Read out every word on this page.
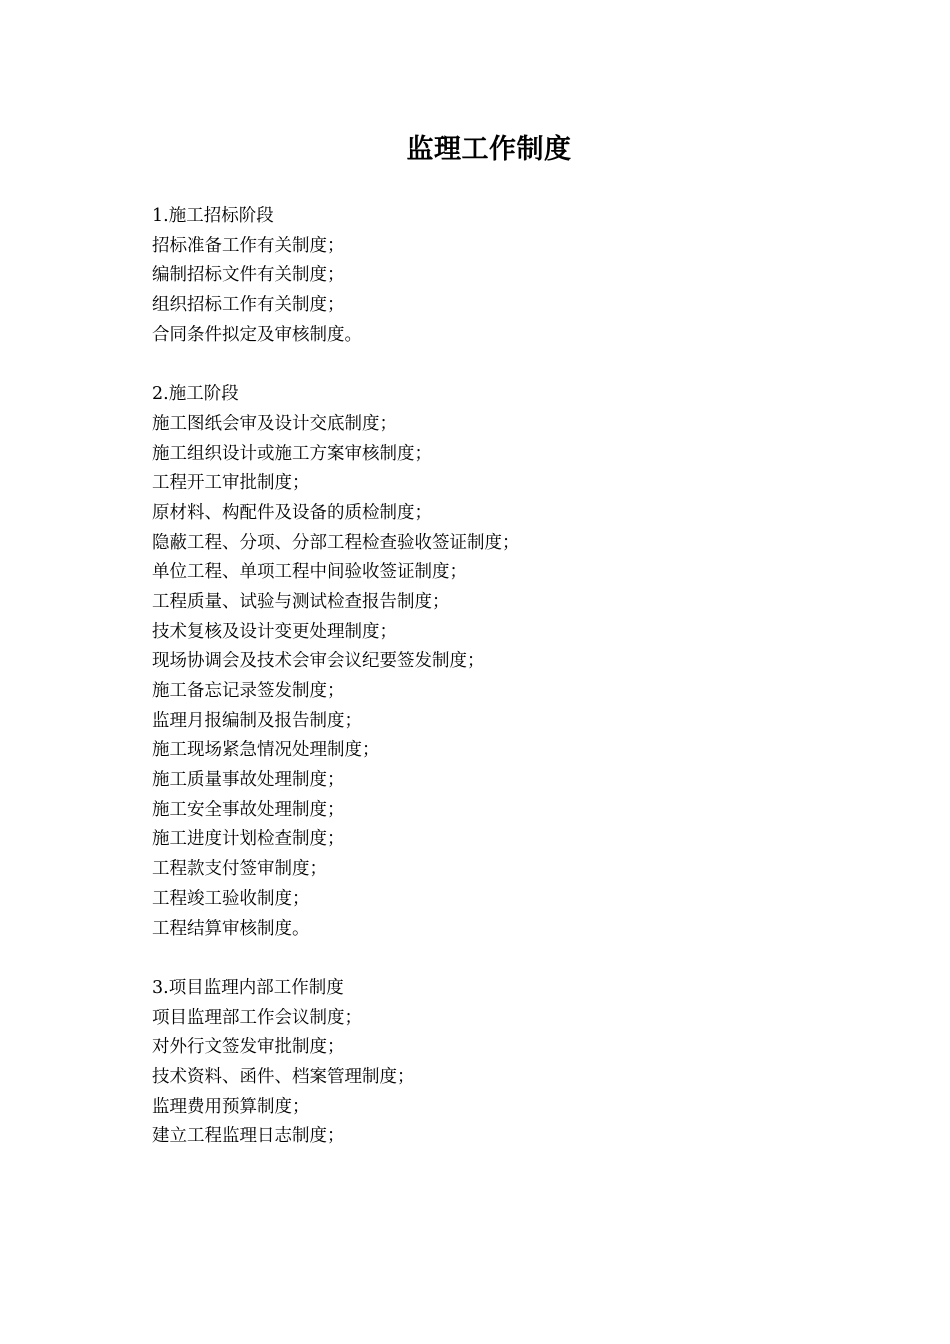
监理工作制度
1.施工招标阶段
招标准备工作有关制度；
编制招标文件有关制度；
组织招标工作有关制度；
合同条件拟定及审核制度。
2.施工阶段
施工图纸会审及设计交底制度；
施工组织设计或施工方案审核制度；
工程开工审批制度；
原材料、构配件及设备的质检制度；
隐蔽工程、分项、分部工程检查验收签证制度；
单位工程、单项工程中间验收签证制度；
工程质量、试验与测试检查报告制度；
技术复核及设计变更处理制度；
现场协调会及技术会审会议纪要签发制度；
施工备忘记录签发制度；
监理月报编制及报告制度；
施工现场紧急情况处理制度；
施工质量事故处理制度；
施工安全事故处理制度；
施工进度计划检查制度；
工程款支付签审制度；
工程竣工验收制度；
工程结算审核制度。
3.项目监理内部工作制度
项目监理部工作会议制度；
对外行文签发审批制度；
技术资料、函件、档案管理制度；
监理费用预算制度；
建立工程监理日志制度；
